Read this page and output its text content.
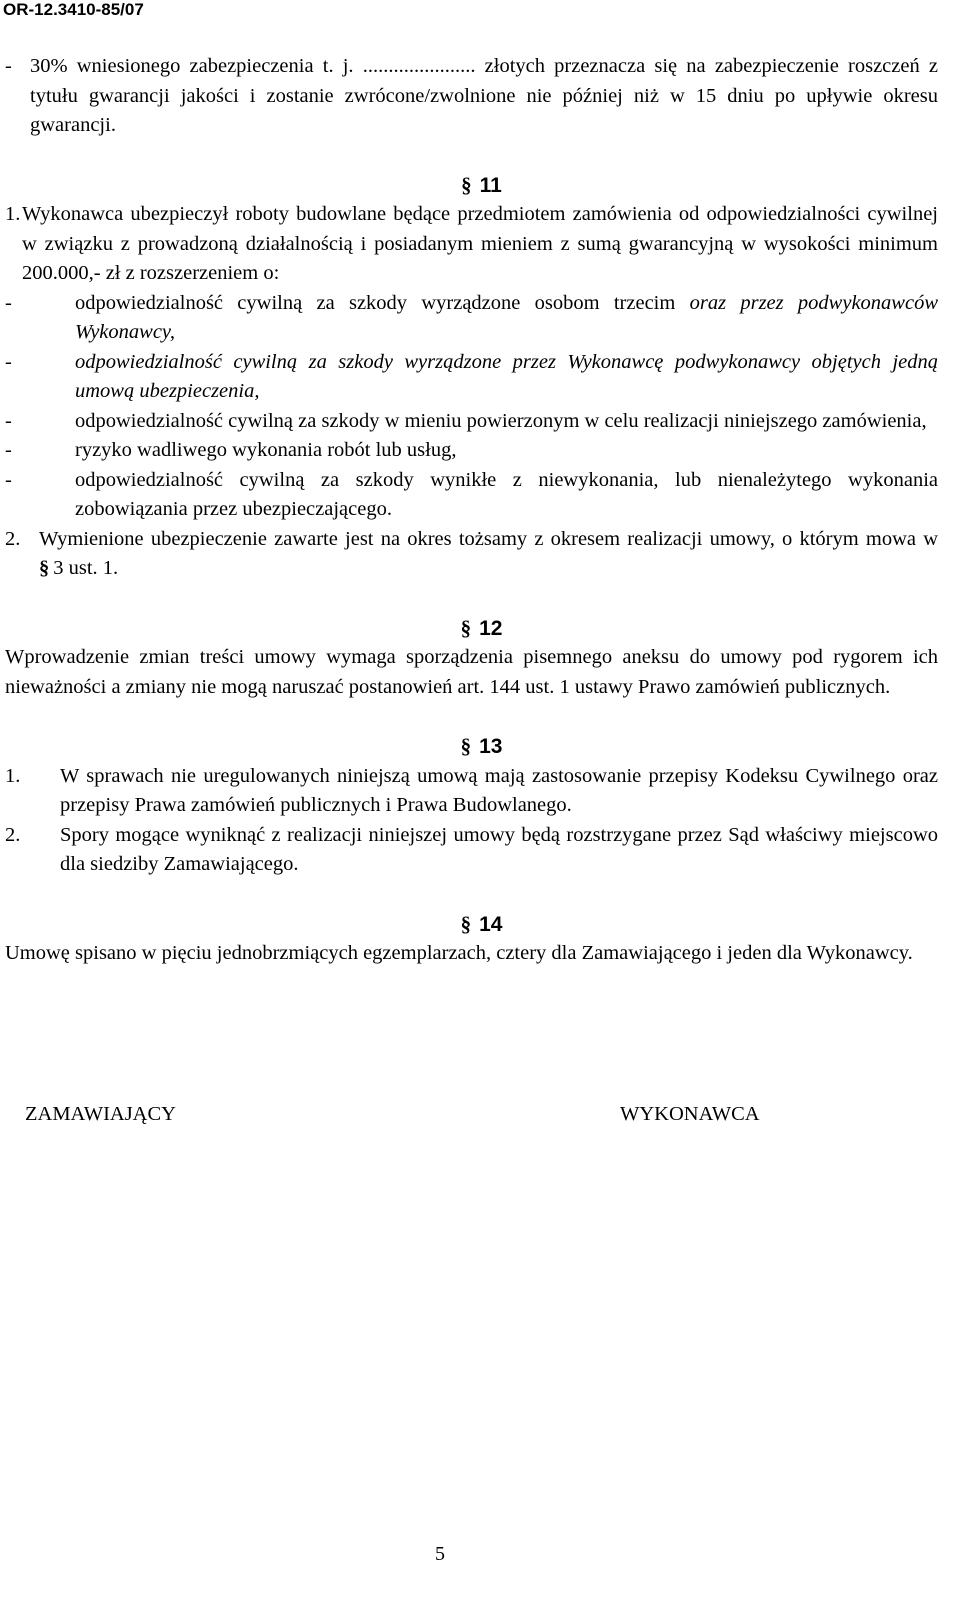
OR-12.3410-85/07
- 30% wniesionego zabezpieczenia t. j. ...................... złotych przeznacza się na zabezpieczenie roszczeń z tytułu gwarancji jakości i zostanie zwrócone/zwolnione nie później niż w 15 dniu po upływie okresu gwarancji.

§ 11
1. Wykonawca ubezpieczył roboty budowlane będące przedmiotem zamówienia od odpowiedzialności cywilnej w związku z prowadzoną działalnością i posiadanym mieniem z sumą gwarancyjną w wysokości minimum 200.000,- zł z rozszerzeniem o:

-	odpowiedzialność cywilną za szkody wyrządzone osobom trzecim oraz przez podwykonawców Wykonawcy,

-	odpowiedzialność cywilną za szkody wyrządzone przez Wykonawcę podwykonawcy objętych jedną umową ubezpieczenia,

-	odpowiedzialność cywilną za szkody w mieniu powierzonym w celu realizacji niniejszego zamówienia,

-	ryzyko wadliwego wykonania robót lub usług,

-	odpowiedzialność cywilną za szkody wynikłe z niewykonania, lub nienależytego wykonania zobowiązania przez ubezpieczającego.

2. Wymienione ubezpieczenie zawarte jest na okres tożsamy z okresem realizacji umowy, o którym mowa w § 3 ust. 1.

§ 12

Wprowadzenie zmian treści umowy wymaga sporządzenia pisemnego aneksu do umowy pod rygorem ich nieważności a zmiany nie mogą naruszać postanowień art. 144 ust. 1 ustawy Prawo zamówień publicznych.

§ 13
1.	W sprawach nie uregulowanych niniejszą umową mają zastosowanie przepisy Kodeksu Cywilnego oraz przepisy Prawa zamówień publicznych i Prawa Budowlanego.

2.	Spory mogące wyniknąć z realizacji niniejszej umowy będą rozstrzygane przez Sąd właściwy miejscowo dla siedziby Zamawiającego.

§ 14

Umowę spisano w pięciu jednobrzmiących egzemplarzach, cztery dla Zamawiającego i jeden dla Wykonawcy.

ZAMAWIAJĄCY	WYKONAWCA
5
